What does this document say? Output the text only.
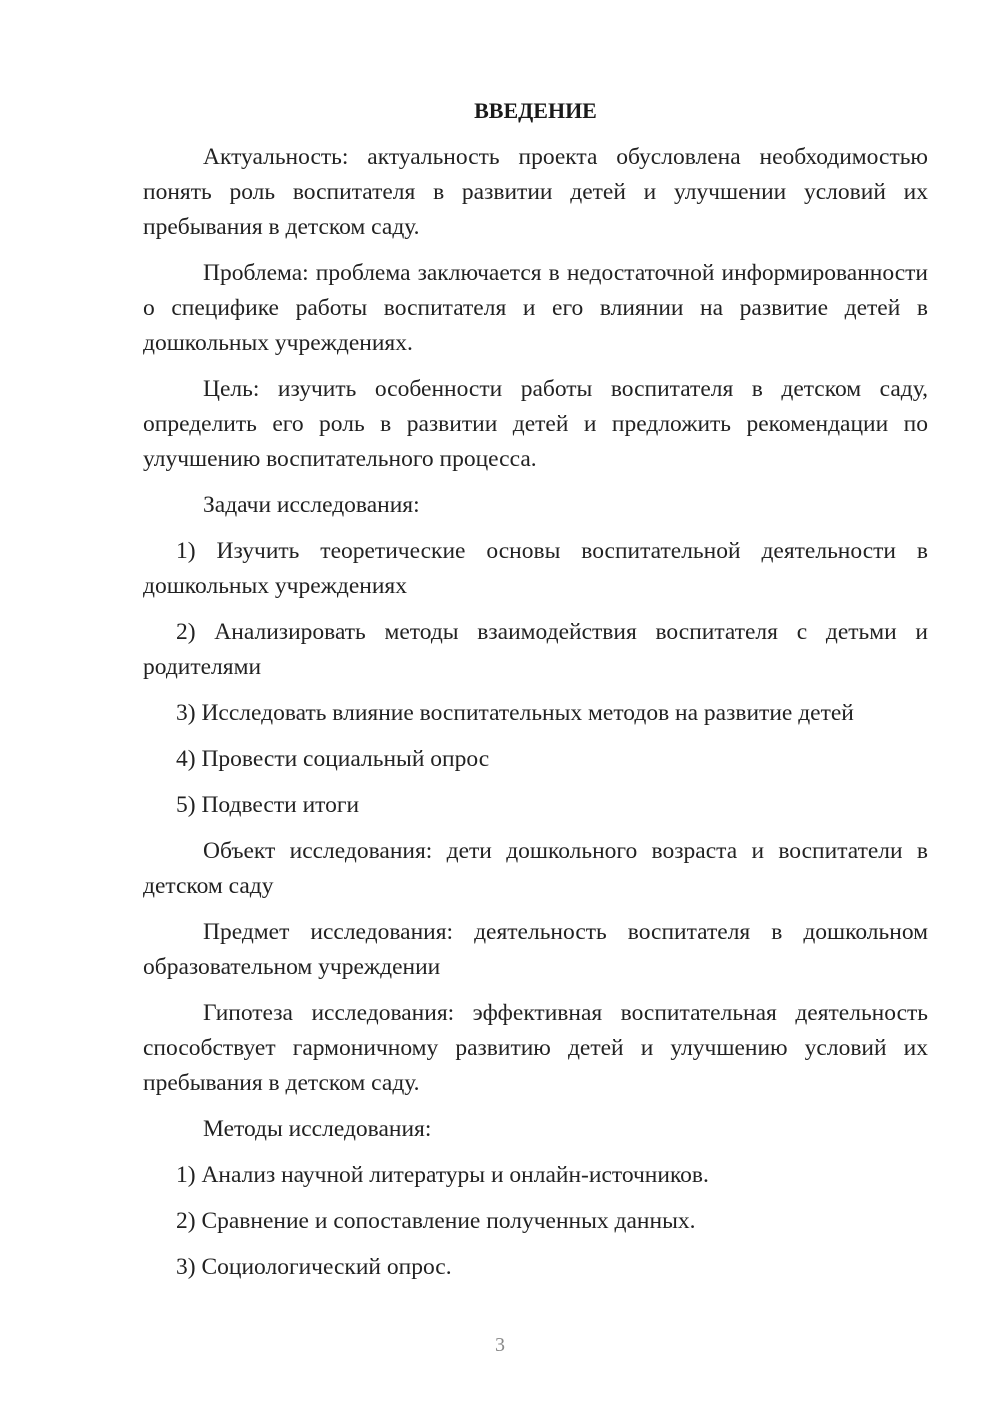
ВВЕДЕНИЕ

Актуальность: актуальность проекта обусловлена необходимостью понять роль воспитателя в развитии детей и улучшении условий их пребывания в детском саду.

Проблема: проблема заключается в недостаточной информированности о специфике работы воспитателя и его влиянии на развитие детей в дошкольных учреждениях.

Цель: изучить особенности работы воспитателя в детском саду, определить его роль в развитии детей и предложить рекомендации по улучшению воспитательного процесса.

Задачи исследования:

1) Изучить теоретические основы воспитательной деятельности в дошкольных учреждениях

2) Анализировать методы взаимодействия воспитателя с детьми и родителями

3) Исследовать влияние воспитательных методов на развитие детей

4) Провести социальный опрос

5) Подвести итоги

Объект исследования: дети дошкольного возраста и воспитатели в детском саду

Предмет исследования: деятельность воспитателя в дошкольном образовательном учреждении

Гипотеза исследования: эффективная воспитательная деятельность способствует гармоничному развитию детей и улучшению условий их пребывания в детском саду.

Методы исследования:

1) Анализ научной литературы и онлайн-источников.

2) Сравнение и сопоставление полученных данных.

3) Социологический опрос.

3
